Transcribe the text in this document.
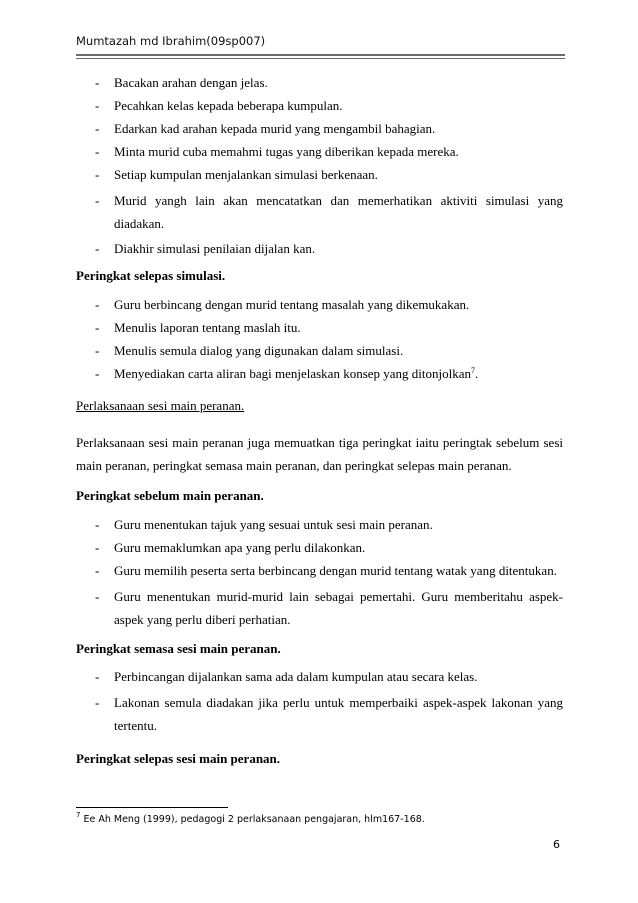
Mumtazah md Ibrahim(09sp007)
- Bacakan arahan dengan jelas.
- Pecahkan kelas kepada beberapa kumpulan.
- Edarkan kad arahan kepada murid yang mengambil bahagian.
- Minta murid cuba memahmi tugas yang diberikan kepada mereka.
- Setiap kumpulan menjalankan simulasi berkenaan.
- Murid yangh lain akan mencatatkan dan memerhatikan aktiviti simulasi yang diadakan.
- Diakhir simulasi penilaian dijalan kan.
Peringkat selepas simulasi.
- Guru berbincang dengan murid tentang masalah yang dikemukakan.
- Menulis laporan tentang maslah itu.
- Menulis semula dialog yang digunakan dalam simulasi.
- Menyediakan carta aliran bagi menjelaskan konsep yang ditonjolkan$^7$.
Perlaksanaan sesi main peranan.

Perlaksanaan sesi main peranan juga memuatkan tiga peringkat iaitu peringtak sebelum sesi main peranan, peringkat semasa main peranan, dan peringkat selepas main peranan.

Peringkat sebelum main peranan.
- Guru menentukan tajuk yang sesuai untuk sesi main peranan.
- Guru memaklumkan apa yang perlu dilakonkan.
- Guru memilih peserta serta berbincang dengan murid tentang watak yang ditentukan.
- Guru menentukan murid-murid lain sebagai pemertahi. Guru memberitahu aspek-aspek yang perlu diberi perhatian.
Peringkat semasa sesi main peranan.
- Perbincangan dijalankan sama ada dalam kumpulan atau secara kelas.
- Lakonan semula diadakan jika perlu untuk memperbaiki aspek-aspek lakonan yang tertentu.
Peringkat selepas sesi main peranan.
$^7$ Ee Ah Meng (1999), pedagogi 2 perlaksanaan pengajaran, hlm167-168.
6
